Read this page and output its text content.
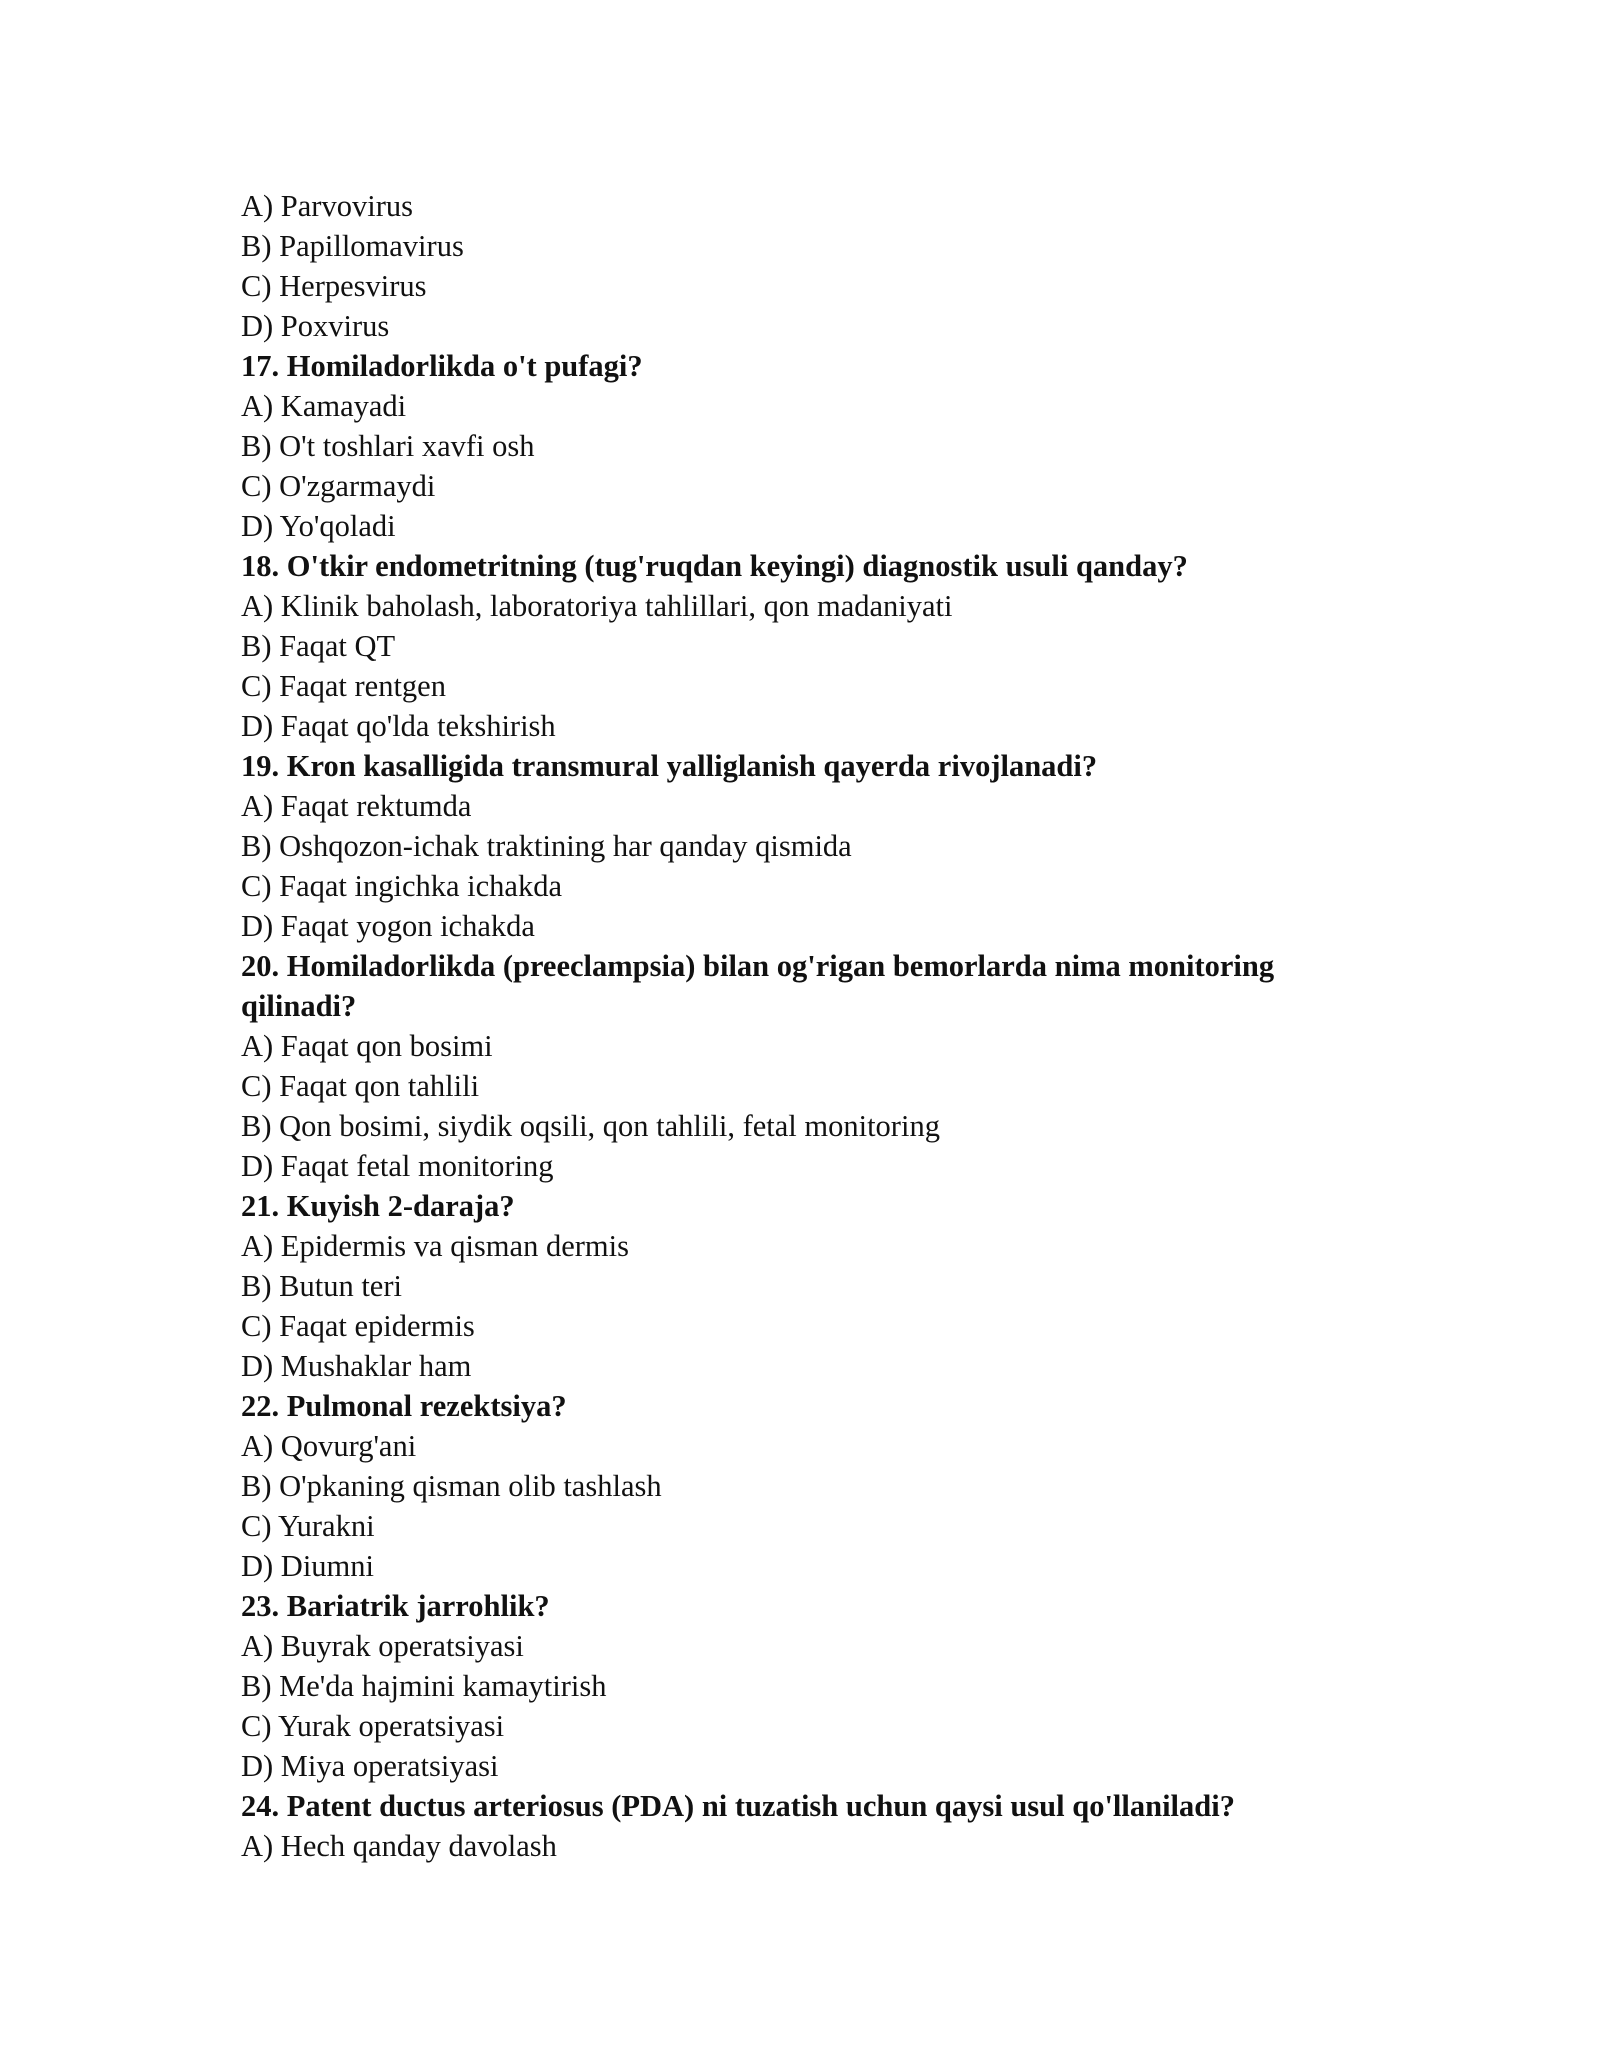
A) Parvovirus
B) Papillomavirus
C) Herpesvirus
D) Poxvirus
17. Homiladorlikda o't pufagi?
A) Kamayadi
B) O't toshlari xavfi osh
C) O'zgarmaydi
D) Yo'qoladi
18. O'tkir endometritning (tug'ruqdan keyingi) diagnostik usuli qanday?
A) Klinik baholash, laboratoriya tahlillari, qon madaniyati
B) Faqat QT
C) Faqat rentgen
D) Faqat qo'lda tekshirish
19. Kron kasalligida transmural yalliglanish qayerda rivojlanadi?
A) Faqat rektumda
B) Oshqozon-ichak traktining har qanday qismida
C) Faqat ingichka ichakda
D) Faqat yogon ichakda
20. Homiladorlikda (preeclampsia) bilan og'rigan bemorlarda nima monitoring qilinadi?
A) Faqat qon bosimi
C) Faqat qon tahlili
B) Qon bosimi, siydik oqsili, qon tahlili, fetal monitoring
D) Faqat fetal monitoring
21. Kuyish 2-daraja?
A) Epidermis va qisman dermis
B) Butun teri
C) Faqat epidermis
D) Mushaklar ham
22. Pulmonal rezektsiya?
A) Qovurg'ani
B) O'pkaning qisman olib tashlash
C) Yurakni
D) Diumni
23. Bariatrik jarrohlik?
A) Buyrak operatsiyasi
B) Me'da hajmini kamaytirish
C) Yurak operatsiyasi
D) Miya operatsiyasi
24. Patent ductus arteriosus (PDA) ni tuzatish uchun qaysi usul qo'llaniladi?
A) Hech qanday davolash
